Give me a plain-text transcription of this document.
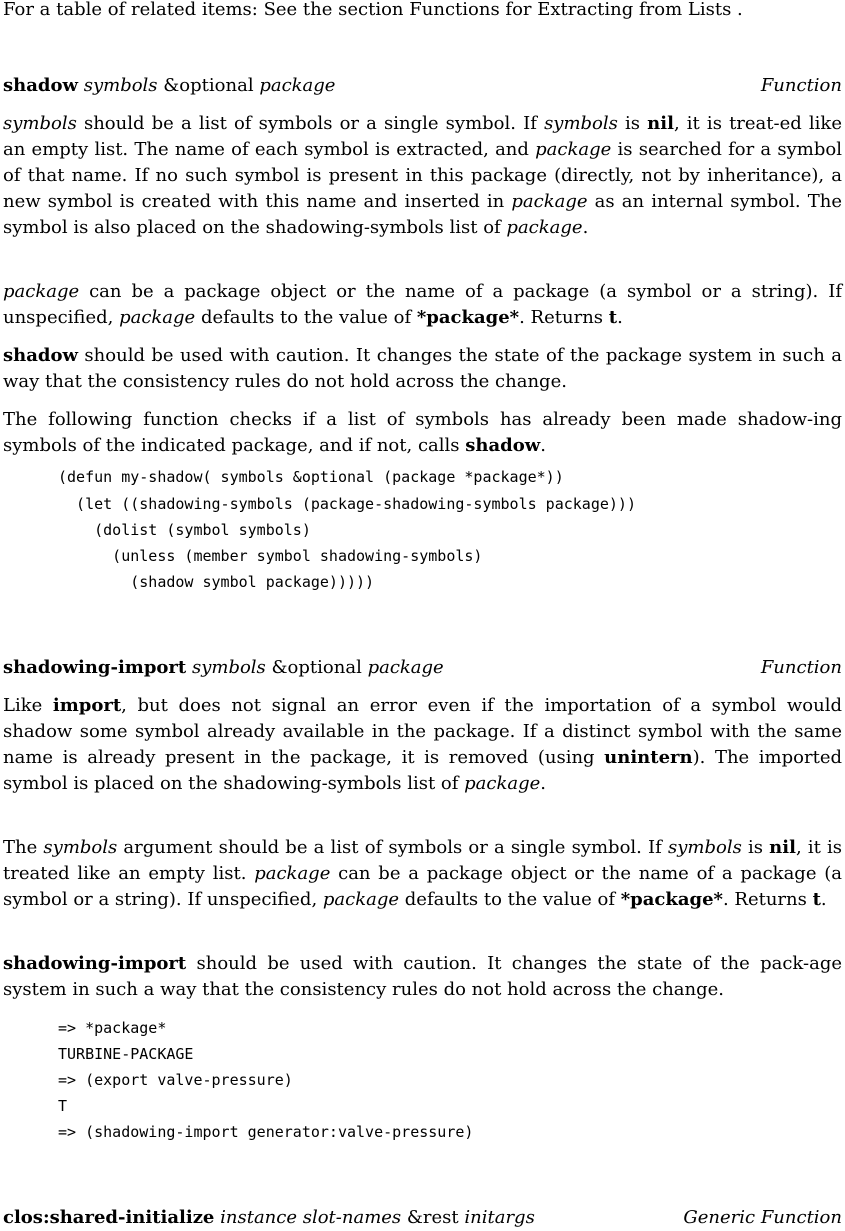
For a table of related items: See the section Functions for Extracting from Lists .
shadow symbols &optional package	Function
symbols should be a list of symbols or a single symbol. If symbols is nil, it is treat-ed like an empty list. The name of each symbol is extracted, and package is searched for a symbol of that name. If no such symbol is present in this package (directly, not by inheritance), a new symbol is created with this name and inserted in package as an internal symbol. The symbol is also placed on the shadowing-symbols list of package.
package can be a package object or the name of a package (a symbol or a string). If unspecified, package defaults to the value of *package*. Returns t.
shadow should be used with caution. It changes the state of the package system in such a way that the consistency rules do not hold across the change.
The following function checks if a list of symbols has already been made shadow-ing symbols of the indicated package, and if not, calls shadow.
(defun my-shadow( symbols &optional (package *package*))
(let ((shadowing-symbols (package-shadowing-symbols package)))
(dolist (symbol symbols)
(unless (member symbol shadowing-symbols)
(shadow symbol package)))))
shadowing-import symbols &optional package	Function
Like import, but does not signal an error even if the importation of a symbol would shadow some symbol already available in the package. If a distinct symbol with the same name is already present in the package, it is removed (using unintern). The imported symbol is placed on the shadowing-symbols list of package.
The symbols argument should be a list of symbols or a single symbol. If symbols is nil, it is treated like an empty list. package can be a package object or the name of a package (a symbol or a string). If unspecified, package defaults to the value of *package*. Returns t.
shadowing-import should be used with caution. It changes the state of the pack-age system in such a way that the consistency rules do not hold across the change.
=> *package*
TURBINE-PACKAGE
=> (export valve-pressure)
T
=> (shadowing-import generator:valve-pressure)
clos:shared-initialize instance slot-names &rest initargs	Generic Function
